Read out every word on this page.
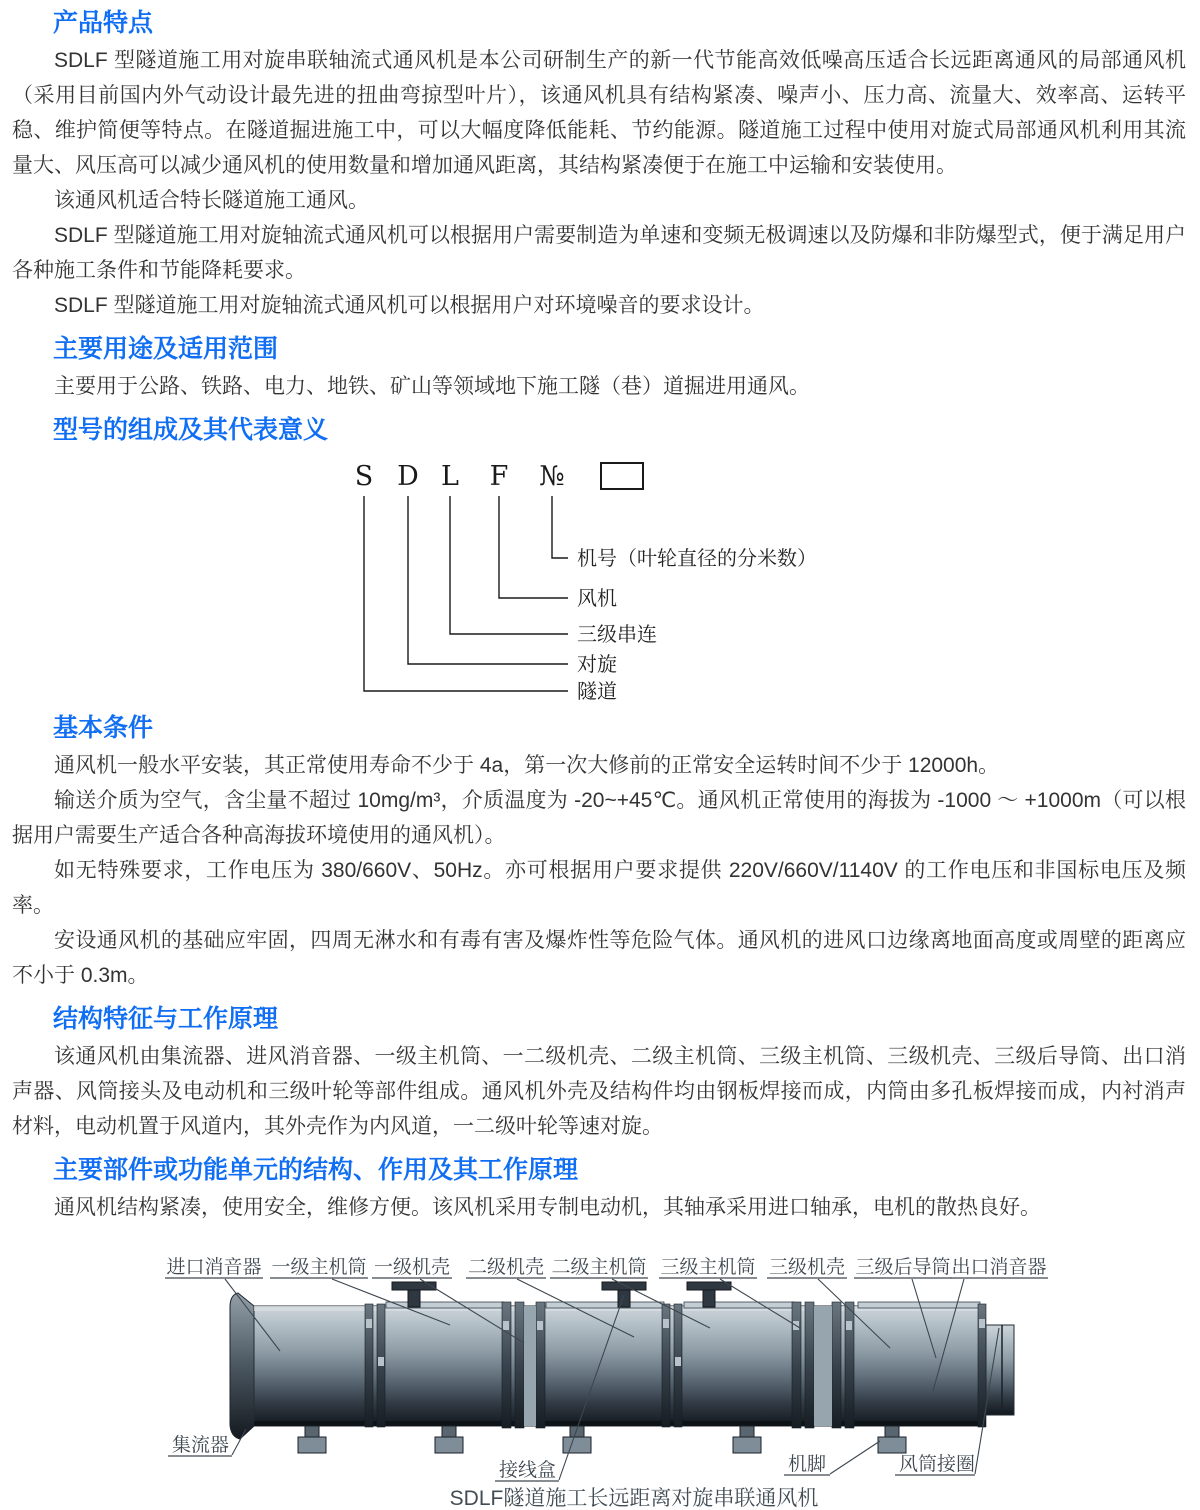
产品特点

SDLF 型隧道施工用对旋串联轴流式通风机是本公司研制生产的新一代节能高效低噪高压适合长远距离通风的局部通风机（采用目前国内外气动设计最先进的扭曲弯掠型叶片），该通风机具有结构紧凑、噪声小、压力高、流量大、效率高、运转平稳、维护简便等特点。在隧道掘进施工中，可以大幅度降低能耗、节约能源。隧道施工过程中使用对旋式局部通风机利用其流量大、风压高可以减少通风机的使用数量和增加通风距离，其结构紧凑便于在施工中运输和安装使用。

该通风机适合特长隧道施工通风。

SDLF 型隧道施工用对旋轴流式通风机可以根据用户需要制造为单速和变频无极调速以及防爆和非防爆型式，便于满足用户各种施工条件和节能降耗要求。

SDLF 型隧道施工用对旋轴流式通风机可以根据用户对环境噪音的要求设计。

主要用途及适用范围

主要用于公路、铁路、电力、地铁、矿山等领域地下施工隧（巷）道掘进用通风。

型号的组成及其代表意义
S D L F №
机号（叶轮直径的分米数）
风机
三级串连
对旋
隧道
基本条件

通风机一般水平安装，其正常使用寿命不少于 4a，第一次大修前的正常安全运转时间不少于 12000h。

输送介质为空气，含尘量不超过 10mg/m³，介质温度为 -20~+45℃。通风机正常使用的海拔为 -1000 ～ +1000m（可以根据用户需要生产适合各种高海拔环境使用的通风机）。

如无特殊要求，工作电压为 380/660V、50Hz。亦可根据用户要求提供 220V/660V/1140V 的工作电压和非国标电压及频率。

安设通风机的基础应牢固，四周无淋水和有毒有害及爆炸性等危险气体。通风机的进风口边缘离地面高度或周壁的距离应不小于 0.3m。

结构特征与工作原理

该通风机由集流器、进风消音器、一级主机筒、一二级机壳、二级主机筒、三级主机筒、三级机壳、三级后导筒、出口消声器、风筒接头及电动机和三级叶轮等部件组成。通风机外壳及结构件均由钢板焊接而成，内筒由多孔板焊接而成，内衬消声材料，电动机置于风道内，其外壳作为内风道，一二级叶轮等速对旋。

主要部件或功能单元的结构、作用及其工作原理

通风机结构紧凑，使用安全，维修方便。该风机采用专制电动机，其轴承采用进口轴承，电机的散热良好。

进口消音器 一级主机筒 一级机壳 二级机壳 二级主机筒 三级主机筒 三级机壳 三级后导筒 出口消音器
集流器
接线盒	机脚	风筒接圈
SDLF隧道施工长远距离对旋串联通风机
